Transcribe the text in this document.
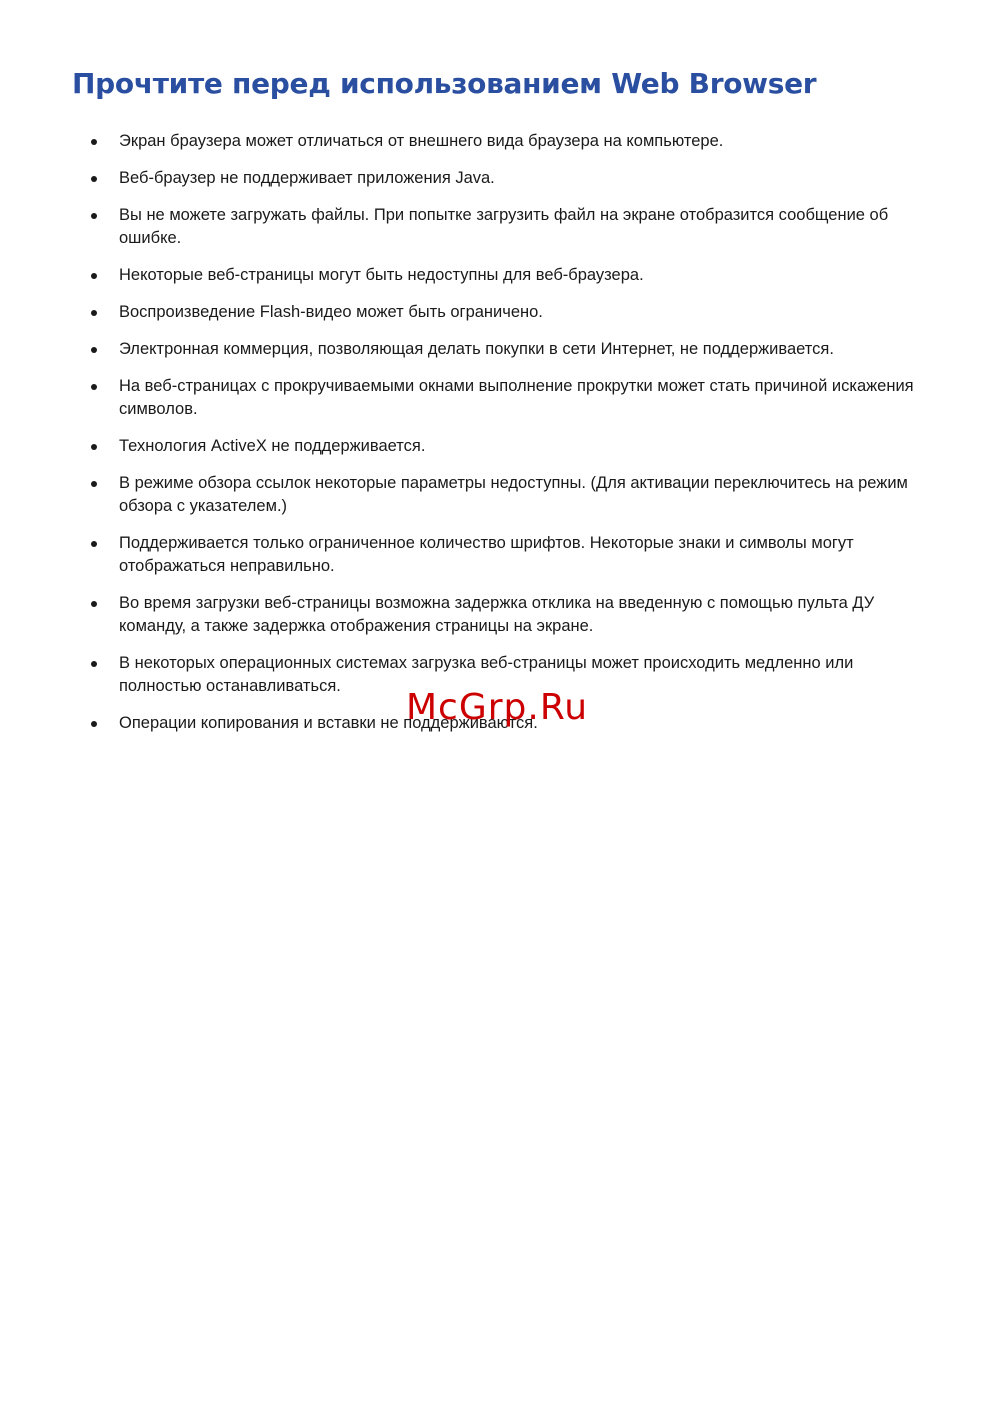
Прочтите перед использованием Web Browser
Экран браузера может отличаться от внешнего вида браузера на компьютере.
Веб-браузер не поддерживает приложения Java.
Вы не можете загружать файлы. При попытке загрузить файл на экране отобразится сообщение об ошибке.
Некоторые веб-страницы могут быть недоступны для веб-браузера.
Воспроизведение Flash-видео может быть ограничено.
Электронная коммерция, позволяющая делать покупки в сети Интернет, не поддерживается.
На веб-страницах с прокручиваемыми окнами выполнение прокрутки может стать причиной искажения символов.
Технология ActiveX не поддерживается.
В режиме обзора ссылок некоторые параметры недоступны. (Для активации переключитесь на режим обзора с указателем.)
Поддерживается только ограниченное количество шрифтов. Некоторые знаки и символы могут отображаться неправильно.
Во время загрузки веб-страницы возможна задержка отклика на введенную с помощью пульта ДУ команду, а также задержка отображения страницы на экране.
В некоторых операционных системах загрузка веб-страницы может происходить медленно или полностью останавливаться.
Операции копирования и вставки не поддерживаются.
McGrp.Ru
